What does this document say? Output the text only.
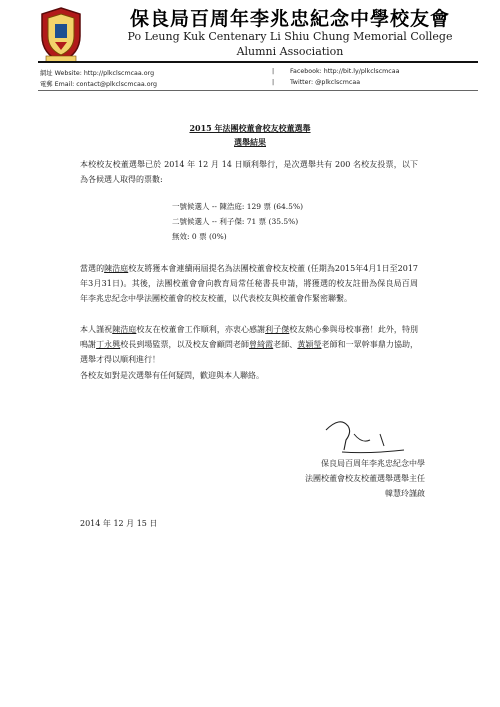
保良局百周年李兆忠紀念中學校友會
Po Leung Kuk Centenary Li Shiu Chung Memorial College
Alumni Association
網址 Website: http://plkclscmcaa.org
電郵 Email: contact@plkclscmcaa.org
|
|
Facebook: http://bit.ly/plkclscmcaa
Twitter: @plkclscmcaa
2015 年法團校董會校友校董選舉
選舉結果
本校校友校董選舉已於 2014 年 12 月 14 日順利舉行，是次選舉共有 200 名校友投票，以下為各候選人取得的票數:
一號候選人 -- 陳浩庭: 129 票 (64.5%)
二號候選人 -- 利子傑: 71 票 (35.5%)
無效: 0 票 (0%)
當選的陳浩庭校友將獲本會連續兩屆提名為法團校董會校友校董 (任期為2015年4月1日至2017年3月31日)。其後，法團校董會會向教育局常任秘書長申請，將獲選的校友註冊為保良局百周年李兆忠紀念中學法團校董會的校友校董，以代表校友與校董會作緊密聯繫。
本人謹祝陳浩庭校友在校董會工作順利，亦衷心感謝利子傑校友熱心參與母校事務！此外，特別鳴謝丁永興校長到場監票，以及校友會顧問老師曾綺霞老師、黃穎瑩老師和一眾幹事鼎力協助，選舉才得以順利進行！
各校友如對是次選舉有任何疑問，歡迎與本人聯絡。
保良局百周年李兆忠紀念中學
法團校董會校友校董選舉選舉主任
韓慧玲謹啟
2014 年 12 月 15 日
